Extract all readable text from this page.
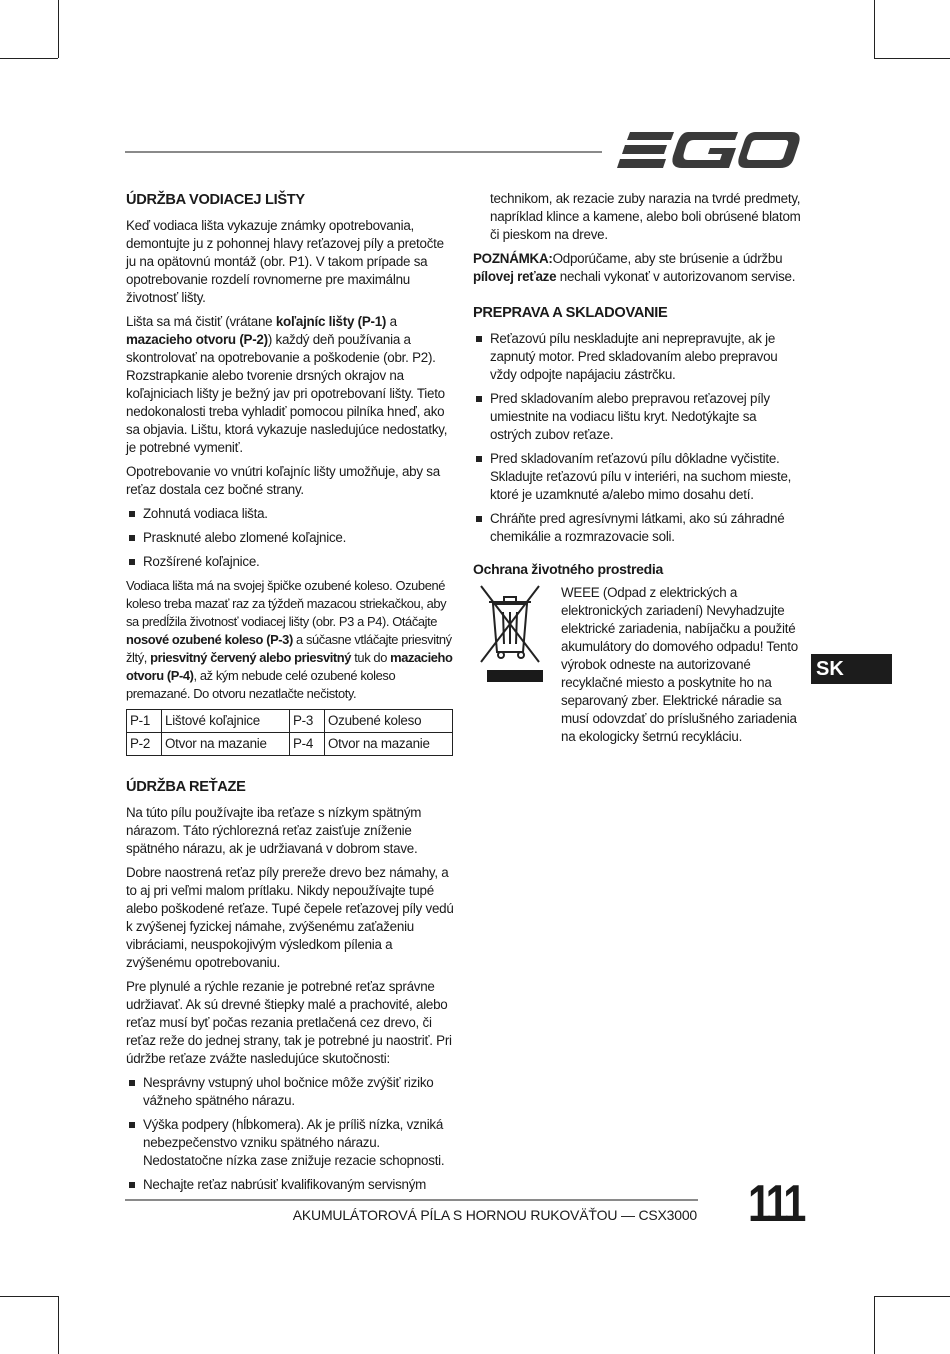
ÚDRŽBA VODIACEJ LIŠTY

Keď vodiaca lišta vykazuje známky opotrebovania, demontujte ju z pohonnej hlavy reťazovej píly a pretočte ju na opätovnú montáž (obr. P1). V takom prípade sa opotrebovanie rozdelí rovnomerne pre maximálnu životnosť lišty.

Lišta sa má čistiť (vrátane koľajníc lišty (P-1) a mazacieho otvoru (P-2)) každý deň používania a skontrolovať na opotrebovanie a poškodenie (obr. P2). Rozstrapkanie alebo tvorenie drsných okrajov na koľajniciach lišty je bežný jav pri opotrebovaní lišty. Tieto nedokonalosti treba vyhladiť pomocou pilníka hneď, ako sa objavia. Lištu, ktorá vykazuje nasledujúce nedostatky, je potrebné vymeniť.

Opotrebovanie vo vnútri koľajníc lišty umožňuje, aby sa reťaz dostala cez bočné strany.

Zohnutá vodiaca lišta.
Prasknuté alebo zlomené koľajnice.
Rozšírené koľajnice.

Vodiaca lišta má na svojej špičke ozubené koleso. Ozubené koleso treba mazať raz za týždeň mazacou striekačkou, aby sa predĺžila životnosť vodiacej lišty (obr. P3 a P4). Otáčajte nosové ozubené koleso (P-3) a súčasne vtláčajte priesvitný žltý, priesvitný červený alebo priesvitný tuk do mazacieho otvoru (P-4), až kým nebude celé ozubené koleso premazané. Do otvoru nezatlačte nečistoty.

P-1	Lištové koľajnice	P-3	Ozubené koleso
P-2	Otvor na mazanie	P-4	Otvor na mazanie
ÚDRŽBA REŤAZE

Na túto pílu používajte iba reťaze s nízkym spätným nárazom. Táto rýchlorezná reťaz zaisťuje zníženie spätného nárazu, ak je udržiavaná v dobrom stave.

Dobre naostrená reťaz píly prereže drevo bez námahy, a to aj pri veľmi malom prítlaku. Nikdy nepoužívajte tupé alebo poškodené reťaze. Tupé čepele reťazovej píly vedú k zvýšenej fyzickej námahe, zvýšenému zaťaženiu vibráciami, neuspokojivým výsledkom pílenia a zvýšenému opotrebovaniu.

Pre plynulé a rýchle rezanie je potrebné reťaz správne udržiavať. Ak sú drevné štiepky malé a prachovité, alebo reťaz musí byť počas rezania pretlačená cez drevo, či reťaz reže do jednej strany, tak je potrebné ju naostriť. Pri údržbe reťaze zvážte nasledujúce skutočnosti:

Nesprávny vstupný uhol bočnice môže zvýšiť riziko vážneho spätného nárazu.
Výška podpery (hĺbkomera). Ak je príliš nízka, vzniká nebezpečenstvo vzniku spätného nárazu. Nedostatočne nízka zase znižuje rezacie schopnosti.
Nechajte reťaz nabrúsiť kvalifikovaným servisným

technikom, ak rezacie zuby narazia na tvrdé predmety, napríklad klince a kamene, alebo boli obrúsené blatom či pieskom na dreve.

POZNÁMKA:Odporúčame, aby ste brúsenie a údržbu pílovej reťaze nechali vykonať v autorizovanom servise.

PREPRAVA A SKLADOVANIE
Reťazovú pílu neskladujte ani neprepravujte, ak je zapnutý motor. Pred skladovaním alebo prepravou vždy odpojte napájaciu zástrčku.
Pred skladovaním alebo prepravou reťazovej píly umiestnite na vodiacu lištu kryt. Nedotýkajte sa ostrých zubov reťaze.
Pred skladovaním reťazovú pílu dôkladne vyčistite. Skladujte reťazovú pílu v interiéri, na suchom mieste, ktoré je uzamknuté a/alebo mimo dosahu detí.
Chráňte pred agresívnymi látkami, ako sú záhradné chemikálie a rozmrazovacie soli.
Ochrana životného prostredia

WEEE (Odpad z elektrických a elektronických zariadení) Nevyhadzujte elektrické zariadenia, nabíjačku a použité akumulátory do domového odpadu! Tento výrobok odneste na autorizované recyklačné miesto a poskytnite ho na separovaný zber. Elektrické náradie sa musí odovzdať do príslušného zariadenia na ekologicky šetrnú recykláciu.

SK
AKUMULÁTOROVÁ PÍLA S HORNOU RUKOVÄŤOU — CSX3000 111
